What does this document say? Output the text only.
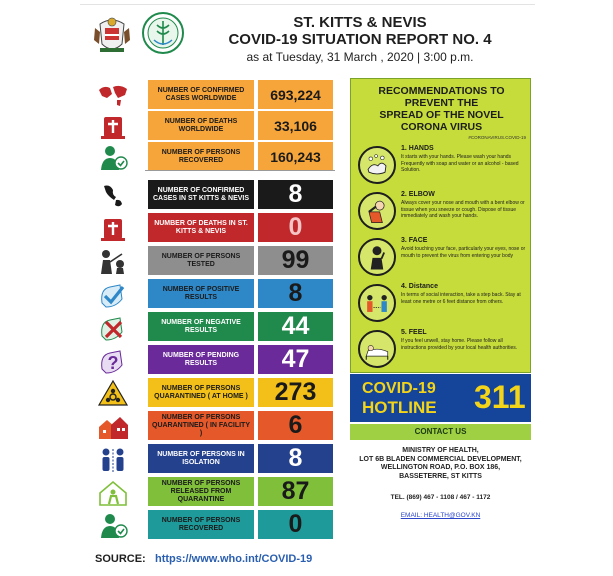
ST. KITTS & NEVIS
COVID-19 SITUATION REPORT NO. 4
as at Tuesday, 31 March , 2020 | 3:00 p.m.
NUMBER OF CONFIRMED CASES WORLDWIDE	693,224
NUMBER OF DEATHS WORLDWIDE	33,106
NUMBER OF PERSONS RECOVERED	160,243
NUMBER OF CONFIRMED CASES IN ST KITTS & NEVIS	8
NUMBER OF DEATHS IN ST. KITTS & NEVIS	0
NUMBER OF PERSONS TESTED	99
NUMBER OF POSITIVE RESULTS	8
NUMBER OF NEGATIVE RESULTS	44
?	NUMBER OF PENDING RESULTS	47
NUMBER OF PERSONS QUARANTINED ( AT HOME )	273
NUMBER OF PERSONS QUARANTINED ( IN FACILITY )	6
NUMBER OF PERSONS IN ISOLATION	8
NUMBER OF PERSONS RELEASED FROM QUARANTINE	87
NUMBER OF PERSONS RECOVERED	0
RECOMMENDATIONS TO
PREVENT THE
SPREAD OF THE NOVEL
CORONA VIRUS
#CORONAVIRUS.COVID-19
1. HANDS
It starts with your hands. Please wash your hands Frequently with soap and water or an alcohol - based Solution.
2. ELBOW
Always cover your nose and mouth with a bent elbow or tissue when you sneeze or cough. Dispose of tissue immediately and wash your hands.
3. FACE
Avoid touching your face, particularly your eyes, nose or mouth to prevent the virus from entering your body
4. Distance
In terms of social interaction, take a step back. Stay at least one metre or 6 feet distance from others.
5. FEEL
If you feel unwell, stay home. Please follow all instructions provided by your local health authorities.
COVID-19
HOTLINE 311
CONTACT US
MINISTRY OF HEALTH,
LOT 6B BLADEN COMMERCIAL DEVELOPMENT,
WELLINGTON ROAD, P.O. BOX 186,
BASSETERRE, ST KITTS
TEL. (869) 467 - 1108 / 467 - 1172
EMAIL: HEALTH@GOV.KN
SOURCE: https://www.who.int/COVID-19
